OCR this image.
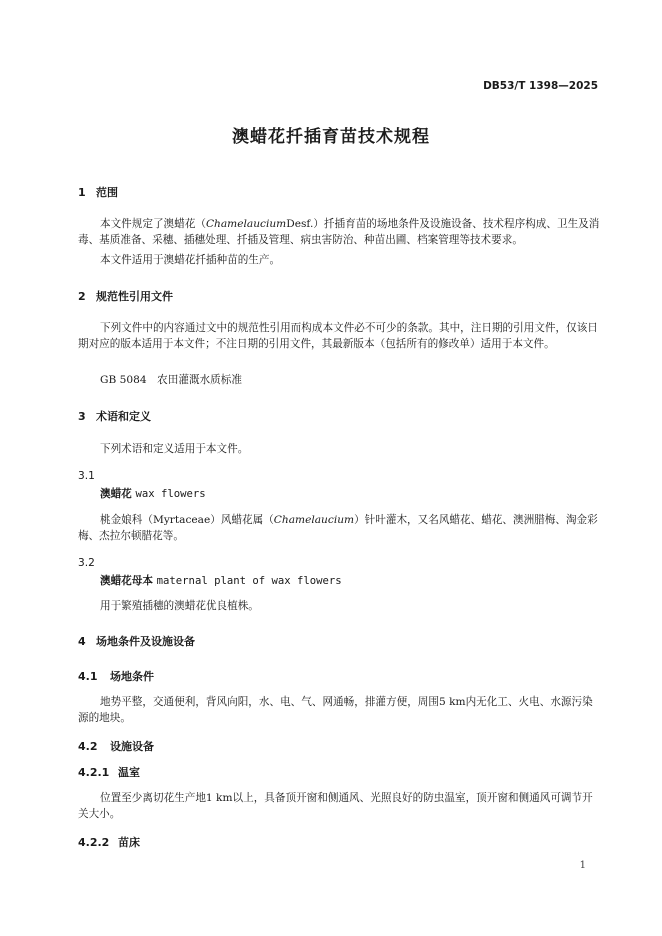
DB53/T 1398—2025
澳蜡花扦插育苗技术规程
1 范围
本文件规定了澳蜡花（ChamelauciumDesf.）扦插育苗的场地条件及设施设备、技术程序构成、卫生及消毒、基质准备、采穗、插穗处理、扦插及管理、病虫害防治、种苗出圃、档案管理等技术要求。
本文件适用于澳蜡花扦插种苗的生产。
2 规范性引用文件
下列文件中的内容通过文中的规范性引用而构成本文件必不可少的条款。其中，注日期的引用文件，仅该日期对应的版本适用于本文件；不注日期的引用文件，其最新版本（包括所有的修改单）适用于本文件。
GB 5084　农田灌溉水质标准
3 术语和定义
下列术语和定义适用于本文件。
3.1
澳蜡花 wax flowers
桃金娘科（Myrtaceae）风蜡花属（Chamelaucium）针叶灌木，又名风蜡花、蜡花、澳洲腊梅、淘金彩梅、杰拉尔顿腊花等。
3.2
澳蜡花母本 maternal plant of wax flowers
用于繁殖插穗的澳蜡花优良植株。
4 场地条件及设施设备
4.1 场地条件
地势平整，交通便利，背风向阳，水、电、气、网通畅，排灌方便，周围5 km内无化工、火电、水源污染源的地块。
4.2 设施设备
4.2.1 温室
位置至少离切花生产地1 km以上，具备顶开窗和侧通风、光照良好的防虫温室，顶开窗和侧通风可调节开关大小。
4.2.2 苗床
1
